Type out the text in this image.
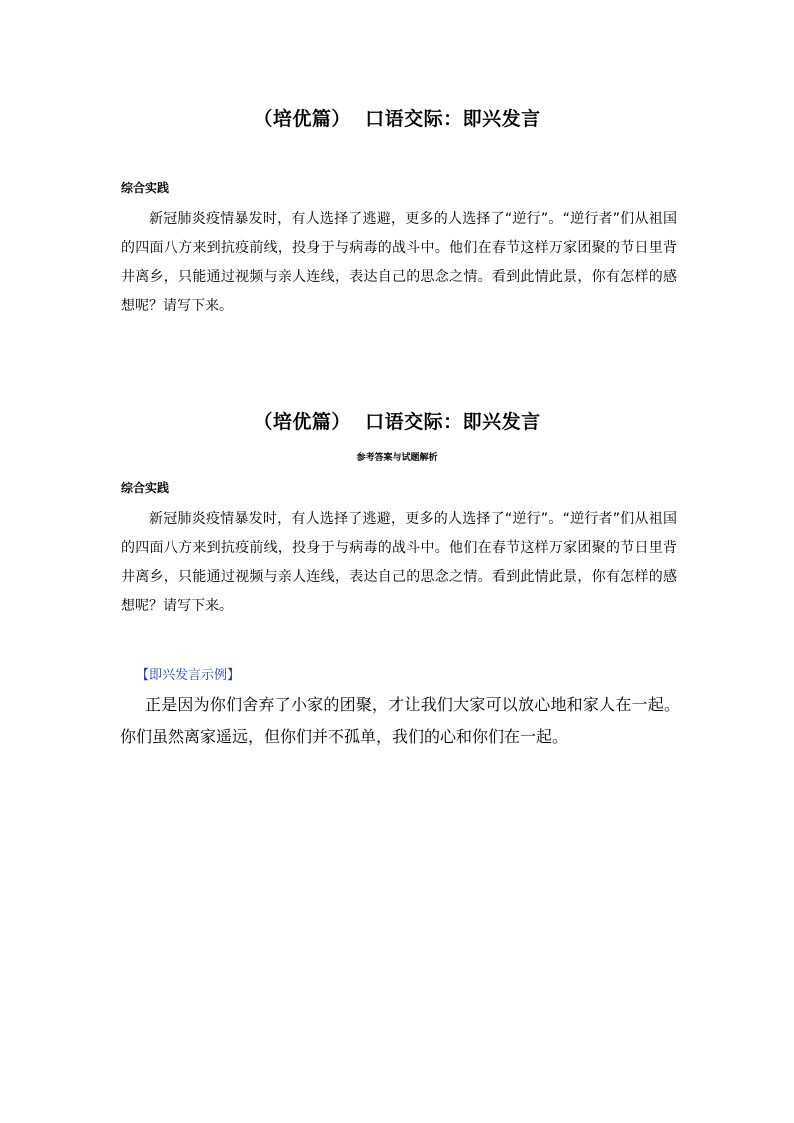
（培优篇）  口语交际：即兴发言
综合实践

新冠肺炎疫情暴发时，有人选择了逃避，更多的人选择了“逆行”。“逆行者”们从祖国的四面八方来到抗疫前线，投身于与病毒的战斗中。他们在春节这样万家团聚的节日里背井离乡，只能通过视频与亲人连线，表达自己的思念之情。看到此情此景，你有怎样的感想呢？请写下来。

（培优篇）  口语交际：即兴发言
参考答案与试题解析
综合实践

新冠肺炎疫情暴发时，有人选择了逃避，更多的人选择了“逆行”。“逆行者”们从祖国的四面八方来到抗疫前线，投身于与病毒的战斗中。他们在春节这样万家团聚的节日里背井离乡，只能通过视频与亲人连线，表达自己的思念之情。看到此情此景，你有怎样的感想呢？请写下来。

【即兴发言示例】

正是因为你们舍弃了小家的团聚，才让我们大家可以放心地和家人在一起。你们虽然离家遥远，但你们并不孤单，我们的心和你们在一起。
